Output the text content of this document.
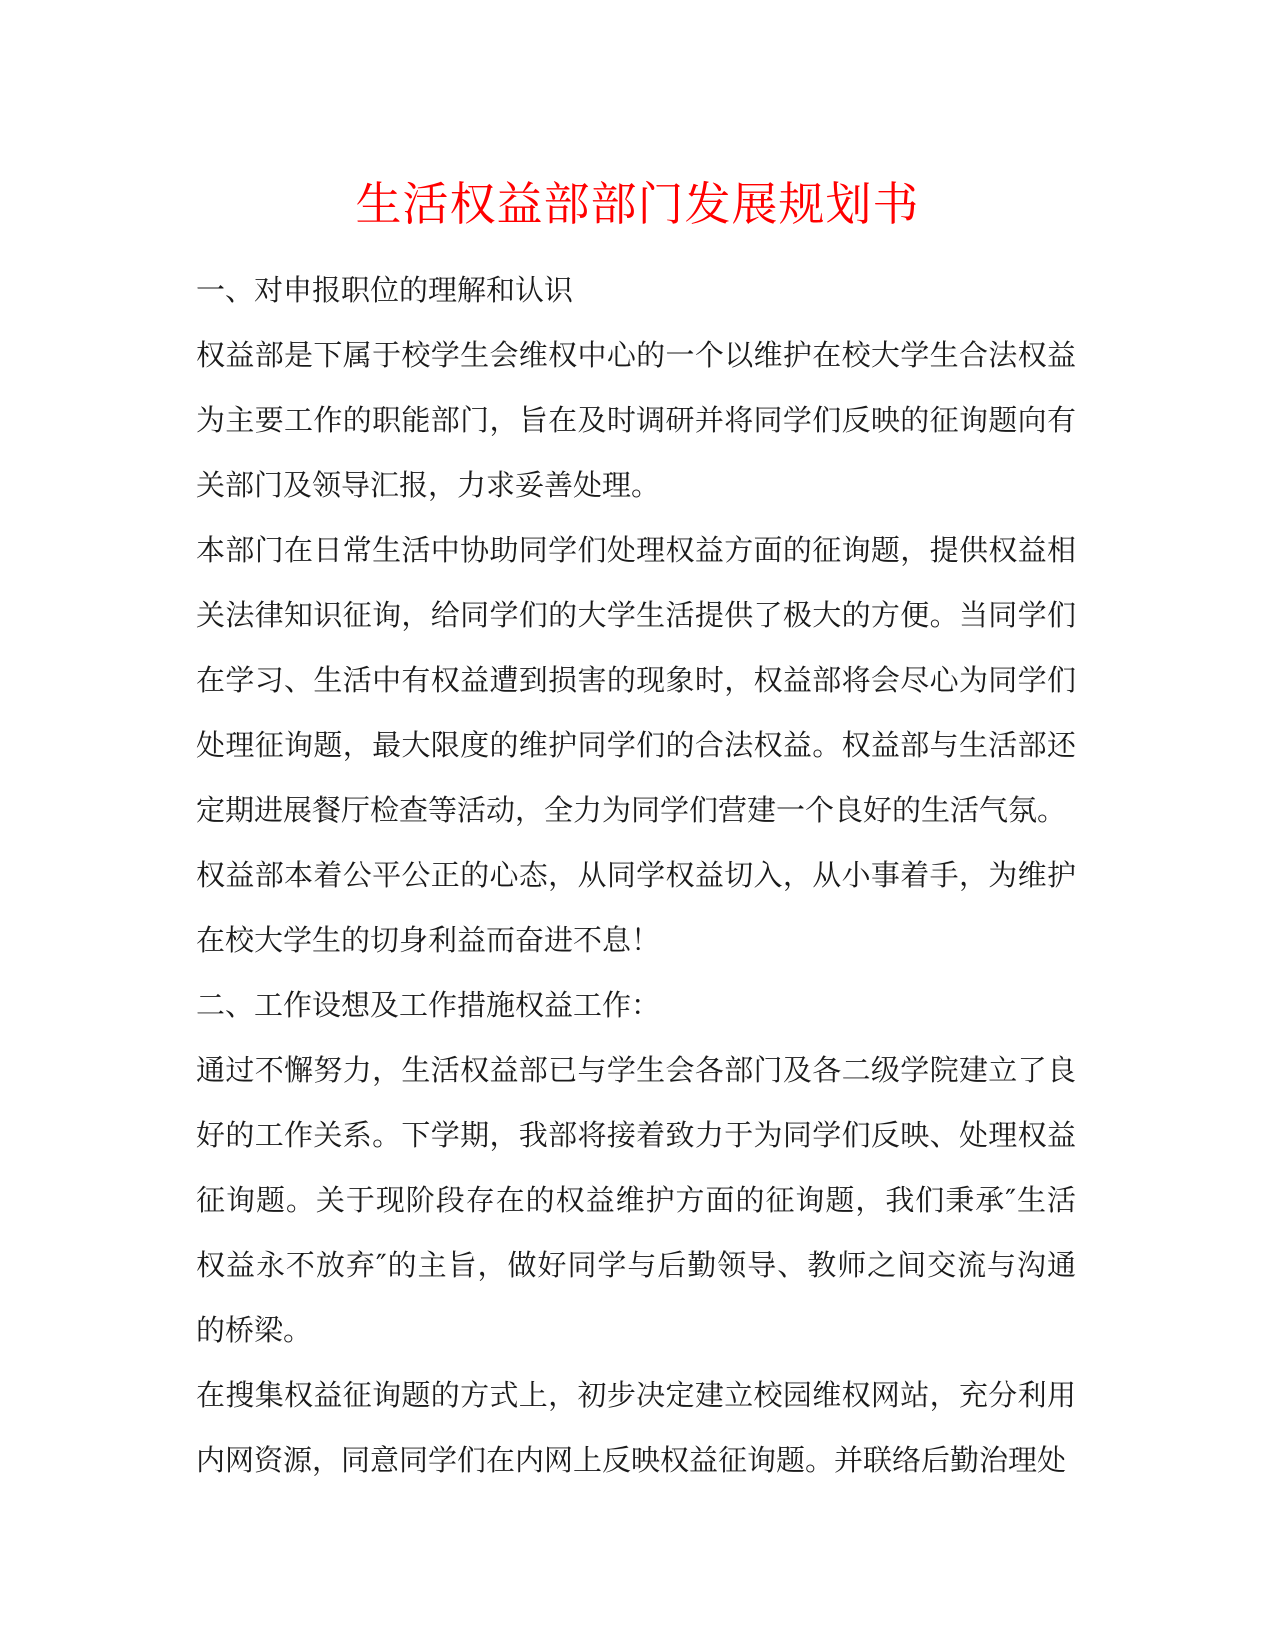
生活权益部部门发展规划书

一、对申报职位的理解和认识

权益部是下属于校学生会维权中心的一个以维护在校大学生合法权益为主要工作的职能部门，旨在及时调研并将同学们反映的征询题向有关部门及领导汇报，力求妥善处理。

本部门在日常生活中协助同学们处理权益方面的征询题，提供权益相关法律知识征询，给同学们的大学生活提供了极大的方便。当同学们在学习、生活中有权益遭到损害的现象时，权益部将会尽心为同学们处理征询题，最大限度的维护同学们的合法权益。权益部与生活部还定期进展餐厅检查等活动，全力为同学们营建一个良好的生活气氛。

权益部本着公平公正的心态，从同学权益切入，从小事着手，为维护在校大学生的切身利益而奋进不息！

二、工作设想及工作措施权益工作：

通过不懈努力，生活权益部已与学生会各部门及各二级学院建立了良好的工作关系。下学期，我部将接着致力于为同学们反映、处理权益征询题。关于现阶段存在的权益维护方面的征询题，我们秉承″生活权益永不放弃″的主旨，做好同学与后勤领导、教师之间交流与沟通的桥梁。

在搜集权益征询题的方式上，初步决定建立校园维权网站，充分利用内网资源，同意同学们在内网上反映权益征询题。并联络后勤治理处
